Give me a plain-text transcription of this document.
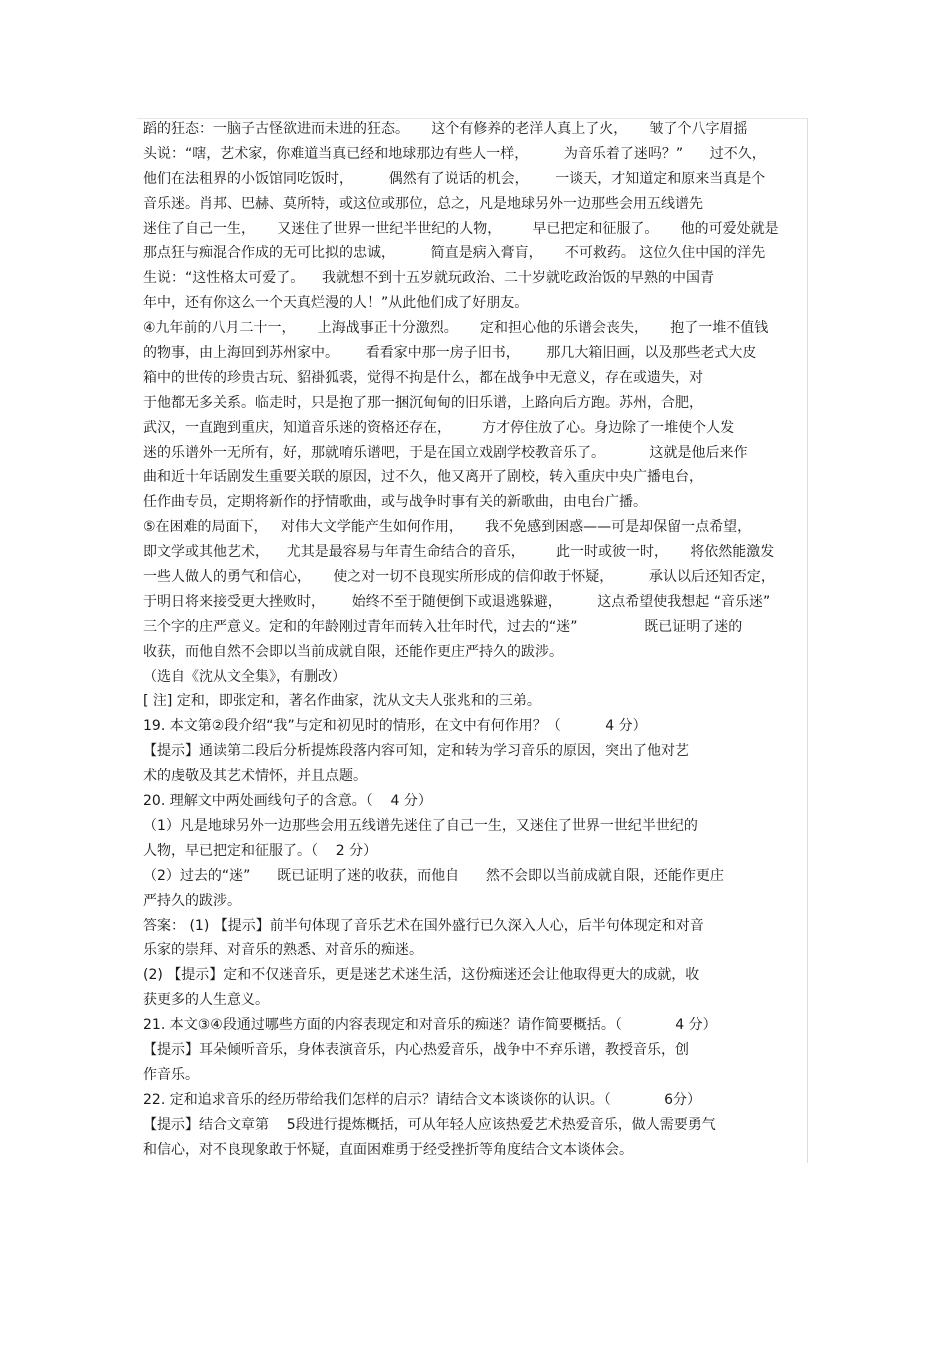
蹈的狂态：一脑子古怪欲进而未进的狂态。     这个有修养的老洋人真上了火，     皱了个八字眉摇
头说：“嗐，艺术家，你难道当真已经和地球那边有些人一样，        为音乐着了迷吗？”      过不久，
他们在法租界的小饭馆同吃饭时，        偶然有了说话的机会，      一谈天，才知道定和原来当真是个
音乐迷。肖邦、巴赫、莫所特，或这位或那位，总之，凡是地球另外一边那些会用五线谱先
迷住了自己一生，     又迷住了世界一世纪半世纪的人物，       早已把定和征服了。     他的可爱处就是
那点狂与痴混合作成的无可比拟的忠诚，        简直是病入膏肓，     不可救药。 这位久住中国的洋先
生说：“这性格太可爱了。    我就想不到十五岁就玩政治、二十岁就吃政治饭的早熟的中国青
年中，还有你这么一个天真烂漫的人！”从此他们成了好朋友。
④九年前的八月二十一，     上海战事正十分激烈。     定和担心他的乐谱会丧失，     抱了一堆不值钱
的物事，由上海回到苏州家中。      看看家中那一房子旧书，      那几大箱旧画，以及那些老式大皮
箱中的世传的珍贵古玩、貂褂狐裘，觉得不拘是什么，都在战争中无意义，存在或遗失，对
于他都无多关系。临走时，只是抱了那一捆沉甸甸的旧乐谱，上路向后方跑。苏州，合肥，
武汉，一直跑到重庆，知道音乐迷的资格还存在，       方才停住放了心。身边除了一堆使个人发
迷的乐谱外一无所有，好，那就唷乐谱吧，于是在国立戏剧学校教音乐了。          这就是他后来作
曲和近十年话剧发生重要关联的原因，过不久，他又离开了剧校，转入重庆中央广播电台，
任作曲专员，定期将新作的抒情歌曲，或与战争时事有关的新歌曲，由电台广播。
⑤在困难的局面下，   对伟大文学能产生如何作用，     我不免感到困惑——可是却保留一点希望，
即文学或其他艺术，    尤其是最容易与年青生命结合的音乐，       此一时或彼一时，     将依然能激发
一些人做人的勇气和信心，     使之对一切不良现实所形成的信仰敢于怀疑，        承认以后还知否定，
于明日将来接受更大挫败时，      始终不至于随便倒下或退逃躲避，        这点希望使我想起 “音乐迷”
三个字的庄严意义。定和的年龄刚过青年而转入壮年时代，过去的“迷”               既已证明了迷的
收获，而他自然不会即以当前成就自限，还能作更庄严持久的跋涉。
（选自《沈从文全集》，有删改）
[ 注] 定和，即张定和，著名作曲家，沈从文夫人张兆和的三弟。
19. 本文第②段介绍“我”与定和初见时的情形，在文中有何作用？（          4 分）
【提示】通读第二段后分析提炼段落内容可知，定和转为学习音乐的原因，突出了他对艺
术的虔敬及其艺术情怀，并且点题。
20. 理解文中两处画线句子的含意。（    4 分）
（1）凡是地球另外一边那些会用五线谱先迷住了自己一生，又迷住了世界一世纪半世纪的
人物，早已把定和征服了。（    2 分）
（2）过去的“迷”      既已证明了迷的收获，而他自      然不会即以当前成就自限，还能作更庄
严持久的跋涉。
答案： (1) 【提示】前半句体现了音乐艺术在国外盛行已久深入人心，后半句体现定和对音
乐家的崇拜、对音乐的熟悉、对音乐的痴迷。
(2) 【提示】定和不仅迷音乐，更是迷艺术迷生活，这份痴迷还会让他取得更大的成就，收
获更多的人生意义。
21. 本文③④段通过哪些方面的内容表现定和对音乐的痴迷？请作简要概括。（            4 分）
【提示】耳朵倾听音乐，身体表演音乐，内心热爱音乐，战争中不弃乐谱，教授音乐，创
作音乐。
22. 定和追求音乐的经历带给我们怎样的启示？请结合文本谈谈你的认识。（            6分）
【提示】结合文章第    5段进行提炼概括，可从年轻人应该热爱艺术热爱音乐，做人需要勇气
和信心，对不良现象敢于怀疑，直面困难勇于经受挫折等角度结合文本谈体会。
